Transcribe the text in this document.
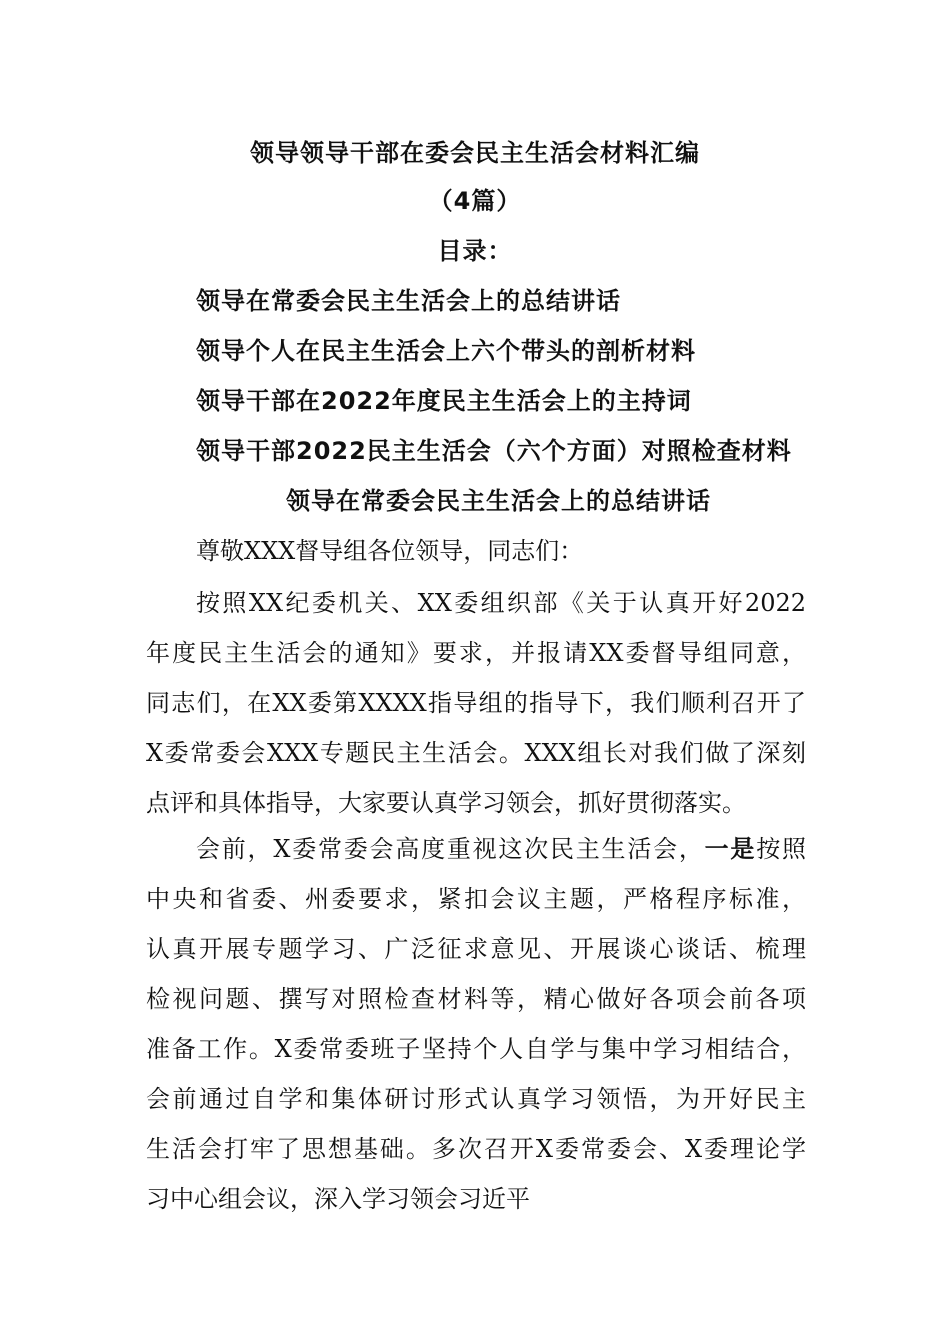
领导领导干部在委会民主生活会材料汇编
（4篇）
目录：
领导在常委会民主生活会上的总结讲话
领导个人在民主生活会上六个带头的剖析材料
领导干部在2022年度民主生活会上的主持词
领导干部2022民主生活会（六个方面）对照检查材料
领导在常委会民主生活会上的总结讲话
尊敬XXX督导组各位领导，同志们：
按照XX纪委机关、XX委组织部《关于认真开好2022
年度民主生活会的通知》要求，并报请XX委督导组同意，
同志们，在XX委第XXXX指导组的指导下，我们顺利召开了
X委常委会XXX专题民主生活会。XXX组长对我们做了深刻
点评和具体指导，大家要认真学习领会，抓好贯彻落实。
会前，X委常委会高度重视这次民主生活会，一是按照
中央和省委、州委要求，紧扣会议主题，严格程序标准，
认真开展专题学习、广泛征求意见、开展谈心谈话、梳理
检视问题、撰写对照检查材料等，精心做好各项会前各项
准备工作。X委常委班子坚持个人自学与集中学习相结合，
会前通过自学和集体研讨形式认真学习领悟，为开好民主
生活会打牢了思想基础。多次召开X委常委会、X委理论学
习中心组会议，深入学习领会习近平
